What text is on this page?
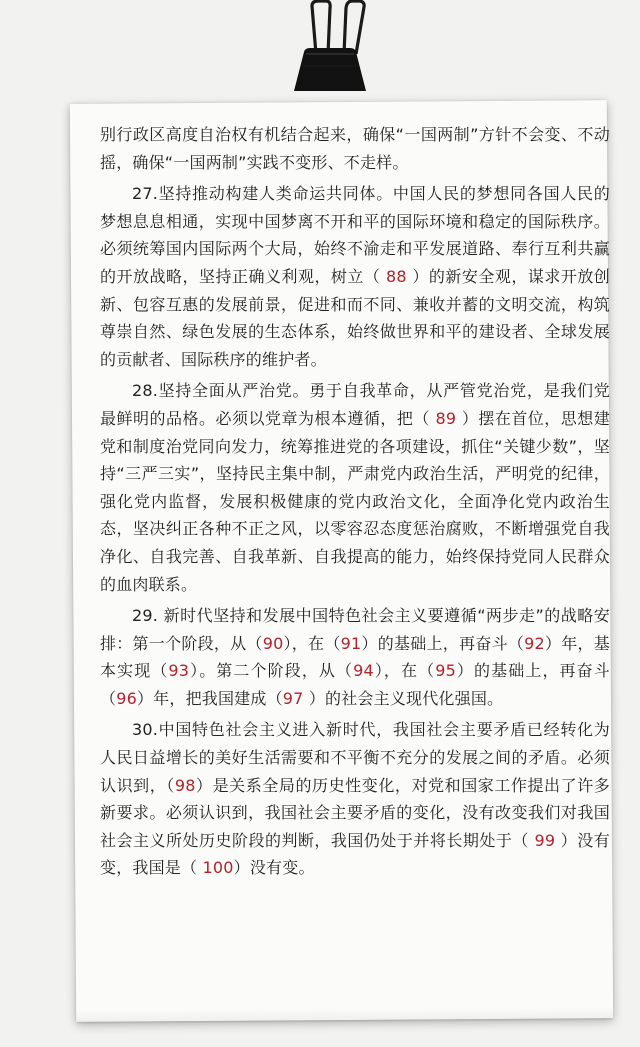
别行政区高度自治权有机结合起来，确保“一国两制”方针不会变、不动摇，确保“一国两制”实践不变形、不走样。

27.坚持推动构建人类命运共同体。中国人民的梦想同各国人民的梦想息息相通，实现中国梦离不开和平的国际环境和稳定的国际秩序。必须统筹国内国际两个大局，始终不渝走和平发展道路、奉行互利共赢的开放战略，坚持正确义利观，树立（ 88 ）的新安全观，谋求开放创新、包容互惠的发展前景，促进和而不同、兼收并蓄的文明交流，构筑尊崇自然、绿色发展的生态体系，始终做世界和平的建设者、全球发展的贡献者、国际秩序的维护者。

28.坚持全面从严治党。勇于自我革命，从严管党治党，是我们党最鲜明的品格。必须以党章为根本遵循，把（ 89 ）摆在首位，思想建党和制度治党同向发力，统筹推进党的各项建设，抓住“关键少数”，坚持“三严三实”，坚持民主集中制，严肃党内政治生活，严明党的纪律，强化党内监督，发展积极健康的党内政治文化，全面净化党内政治生态，坚决纠正各种不正之风，以零容忍态度惩治腐败，不断增强党自我净化、自我完善、自我革新、自我提高的能力，始终保持党同人民群众的血肉联系。

29. 新时代坚持和发展中国特色社会主义要遵循“两步走”的战略安排：第一个阶段，从（90），在（91）的基础上，再奋斗（92）年，基本实现（93）。第二个阶段，从（94），在（95）的基础上，再奋斗（96）年，把我国建成（97 ）的社会主义现代化强国。

30.中国特色社会主义进入新时代，我国社会主要矛盾已经转化为人民日益增长的美好生活需要和不平衡不充分的发展之间的矛盾。必须认识到，（98）是关系全局的历史性变化，对党和国家工作提出了许多新要求。必须认识到，我国社会主要矛盾的变化，没有改变我们对我国社会主义所处历史阶段的判断，我国仍处于并将长期处于（ 99 ）没有变，我国是（ 100）没有变。
